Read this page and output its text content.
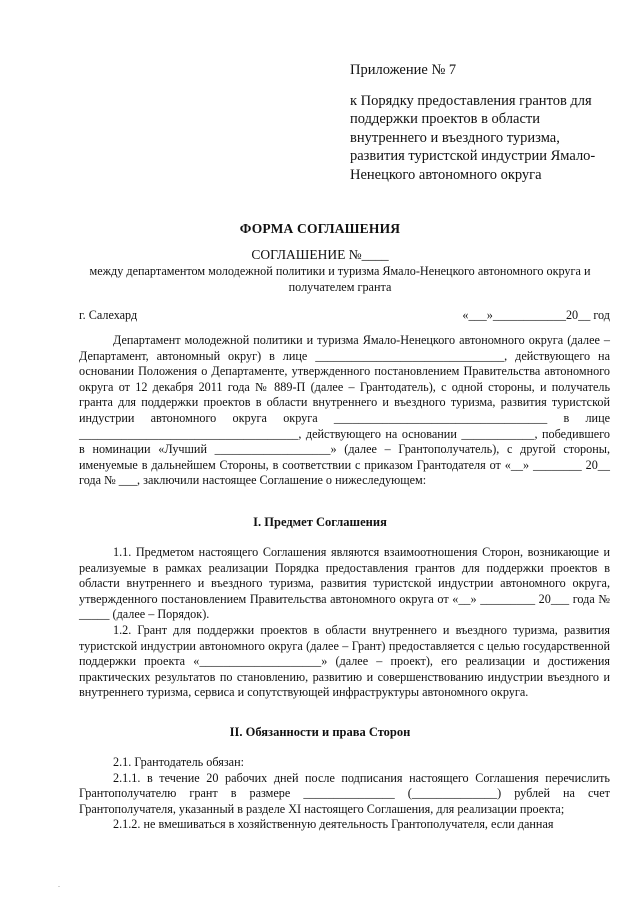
Приложение № 7
к Порядку предоставления грантов для
поддержки проектов в области
внутреннего и въездного туризма,
развития туристской индустрии Ямало-
Ненецкого автономного округа
ФОРМА СОГЛАШЕНИЯ
СОГЛАШЕНИЕ №____
между департаментом молодежной политики и туризма Ямало-Ненецкого автономного округа и получателем гранта
г. Салехард	«___»____________20__ год

Департамент молодежной политики и туризма Ямало-Ненецкого автономного округа (далее – Департамент, автономный округ) в лице _______________________________, действующего на основании Положения о Департаменте, утвержденного постановлением Правительства автономного округа от 12 декабря 2011 года № 889-П (далее – Грантодатель), с одной стороны, и получатель гранта для поддержки проектов в области внутреннего и въездного туризма, развития туристской индустрии автономного округа округа ___________________________________ в лице ____________________________________, действующего на основании ____________, победившего в номинации «Лучший ___________________» (далее – Грантополучатель), с другой стороны, именуемые в дальнейшем Стороны, в соответствии с приказом Грантодателя от «__» ________ 20__ года № ___, заключили настоящее Соглашение о нижеследующем:

I. Предмет Соглашения

1.1. Предметом настоящего Соглашения являются взаимоотношения Сторон, возникающие и реализуемые в рамках реализации Порядка предоставления грантов для поддержки проектов в области внутреннего и въездного туризма, развития туристской индустрии автономного округа, утвержденного постановлением Правительства автономного округа от «__» _________ 20___ года № _____ (далее – Порядок).

1.2. Грант для поддержки проектов в области внутреннего и въездного туризма, развития туристской индустрии автономного округа (далее – Грант) предоставляется с целью государственной поддержки проекта «____________________» (далее – проект), его реализации и достижения практических результатов по становлению, развитию и совершенствованию индустрии въездного и внутреннего туризма, сервиса и сопутствующей инфраструктуры автономного округа.

II. Обязанности и права Сторон

2.1. Грантодатель обязан:

2.1.1. в течение 20 рабочих дней после подписания настоящего Соглашения перечислить Грантополучателю грант в размере _______________ (______________) рублей на счет Грантополучателя, указанный в разделе XI настоящего Соглашения, для реализации проекта;

2.1.2. не вмешиваться в хозяйственную деятельность Грантополучателя, если данная

.
